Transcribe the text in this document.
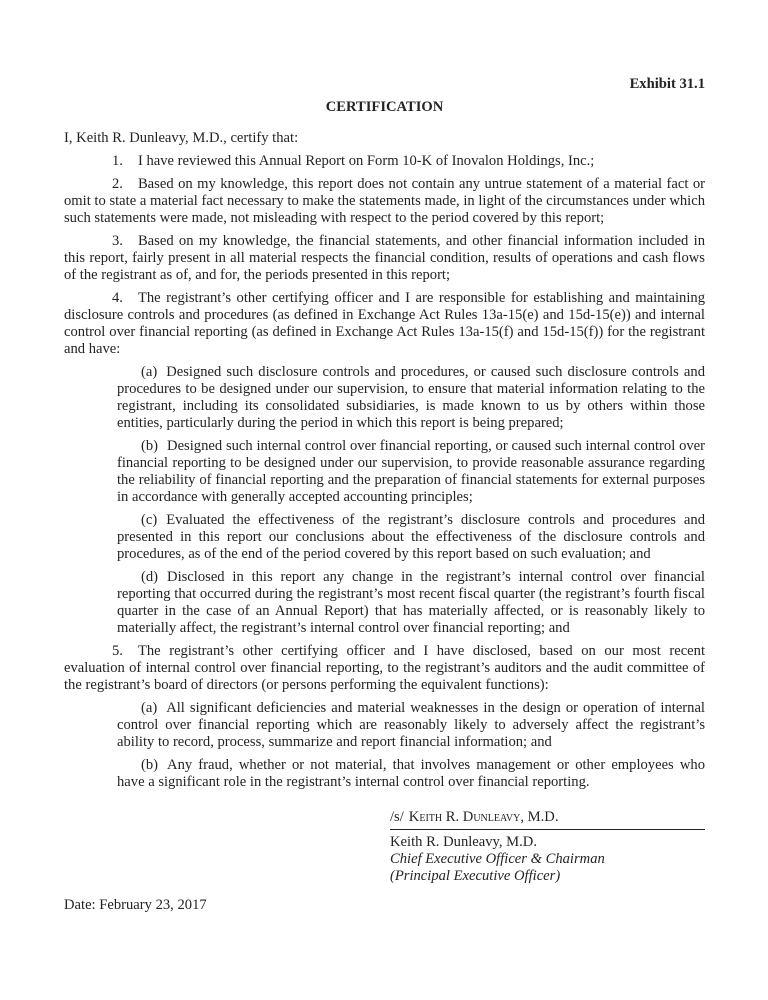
Exhibit 31.1
CERTIFICATION

I, Keith R. Dunleavy, M.D., certify that:

1. I have reviewed this Annual Report on Form 10-K of Inovalon Holdings, Inc.;

2. Based on my knowledge, this report does not contain any untrue statement of a material fact or omit to state a material fact necessary to make the statements made, in light of the circumstances under which such statements were made, not misleading with respect to the period covered by this report;

3. Based on my knowledge, the financial statements, and other financial information included in this report, fairly present in all material respects the financial condition, results of operations and cash flows of the registrant as of, and for, the periods presented in this report;

4. The registrant’s other certifying officer and I are responsible for establishing and maintaining disclosure controls and procedures (as defined in Exchange Act Rules 13a-15(e) and 15d-15(e)) and internal control over financial reporting (as defined in Exchange Act Rules 13a-15(f) and 15d-15(f)) for the registrant and have:

(a) Designed such disclosure controls and procedures, or caused such disclosure controls and procedures to be designed under our supervision, to ensure that material information relating to the registrant, including its consolidated subsidiaries, is made known to us by others within those entities, particularly during the period in which this report is being prepared;

(b) Designed such internal control over financial reporting, or caused such internal control over financial reporting to be designed under our supervision, to provide reasonable assurance regarding the reliability of financial reporting and the preparation of financial statements for external purposes in accordance with generally accepted accounting principles;

(c) Evaluated the effectiveness of the registrant’s disclosure controls and procedures and presented in this report our conclusions about the effectiveness of the disclosure controls and procedures, as of the end of the period covered by this report based on such evaluation; and

(d) Disclosed in this report any change in the registrant’s internal control over financial reporting that occurred during the registrant’s most recent fiscal quarter (the registrant’s fourth fiscal quarter in the case of an Annual Report) that has materially affected, or is reasonably likely to materially affect, the registrant’s internal control over financial reporting; and

5. The registrant’s other certifying officer and I have disclosed, based on our most recent evaluation of internal control over financial reporting, to the registrant’s auditors and the audit committee of the registrant’s board of directors (or persons performing the equivalent functions):

(a) All significant deficiencies and material weaknesses in the design or operation of internal control over financial reporting which are reasonably likely to adversely affect the registrant’s ability to record, process, summarize and report financial information; and

(b) Any fraud, whether or not material, that involves management or other employees who have a significant role in the registrant’s internal control over financial reporting.

/s/ Keith R. Dunleavy, M.D.
Keith R. Dunleavy, M.D.
Chief Executive Officer & Chairman
(Principal Executive Officer)
Date: February 23, 2017
